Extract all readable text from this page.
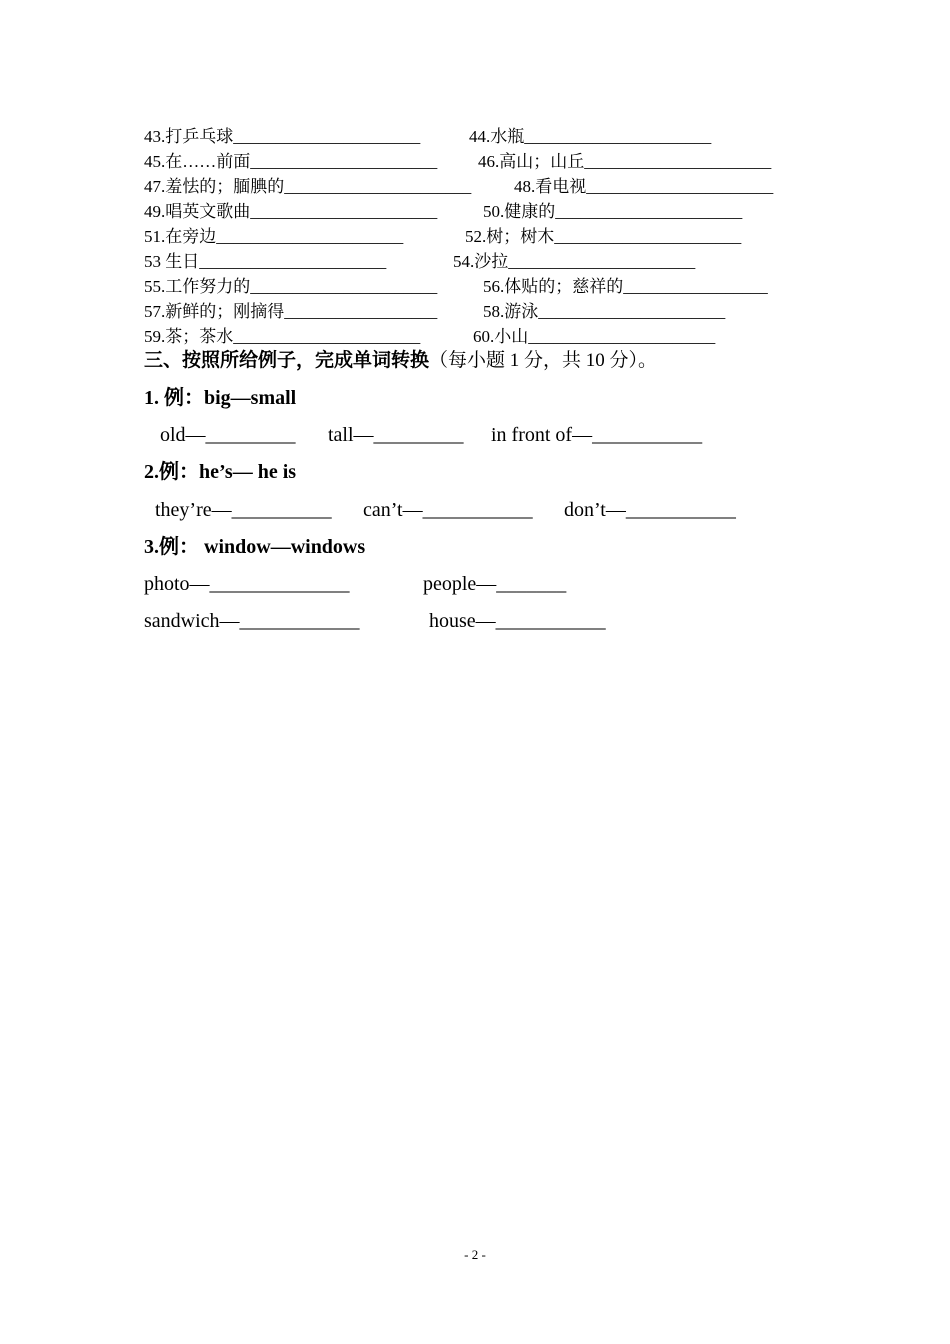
43.打乒乓球______________________	44.水瓶______________________
45.在……前面______________________ 46.高山；山丘______________________
47.羞怯的；腼腆的______________________	48.看电视______________________
49.唱英文歌曲______________________	50.健康的______________________
51.在旁边______________________	52.树；树木______________________
53 生日______________________	54.沙拉______________________
55.工作努力的______________________	56.体贴的；慈祥的_________________
57.新鲜的；刚摘得__________________	58.游泳______________________
59.茶；茶水______________________	60.小山______________________
三、按照所给例子，完成单词转换（每小题 1 分，共 10 分）。
1. 例：big—small
old—_________ tall—_________ in front of—___________
2.例：he’s— he is
they’re—__________ can’t—___________ don’t—___________
3.例： window—windows
photo—______________	people—_______
sandwich—____________	house—___________
- 2 -
